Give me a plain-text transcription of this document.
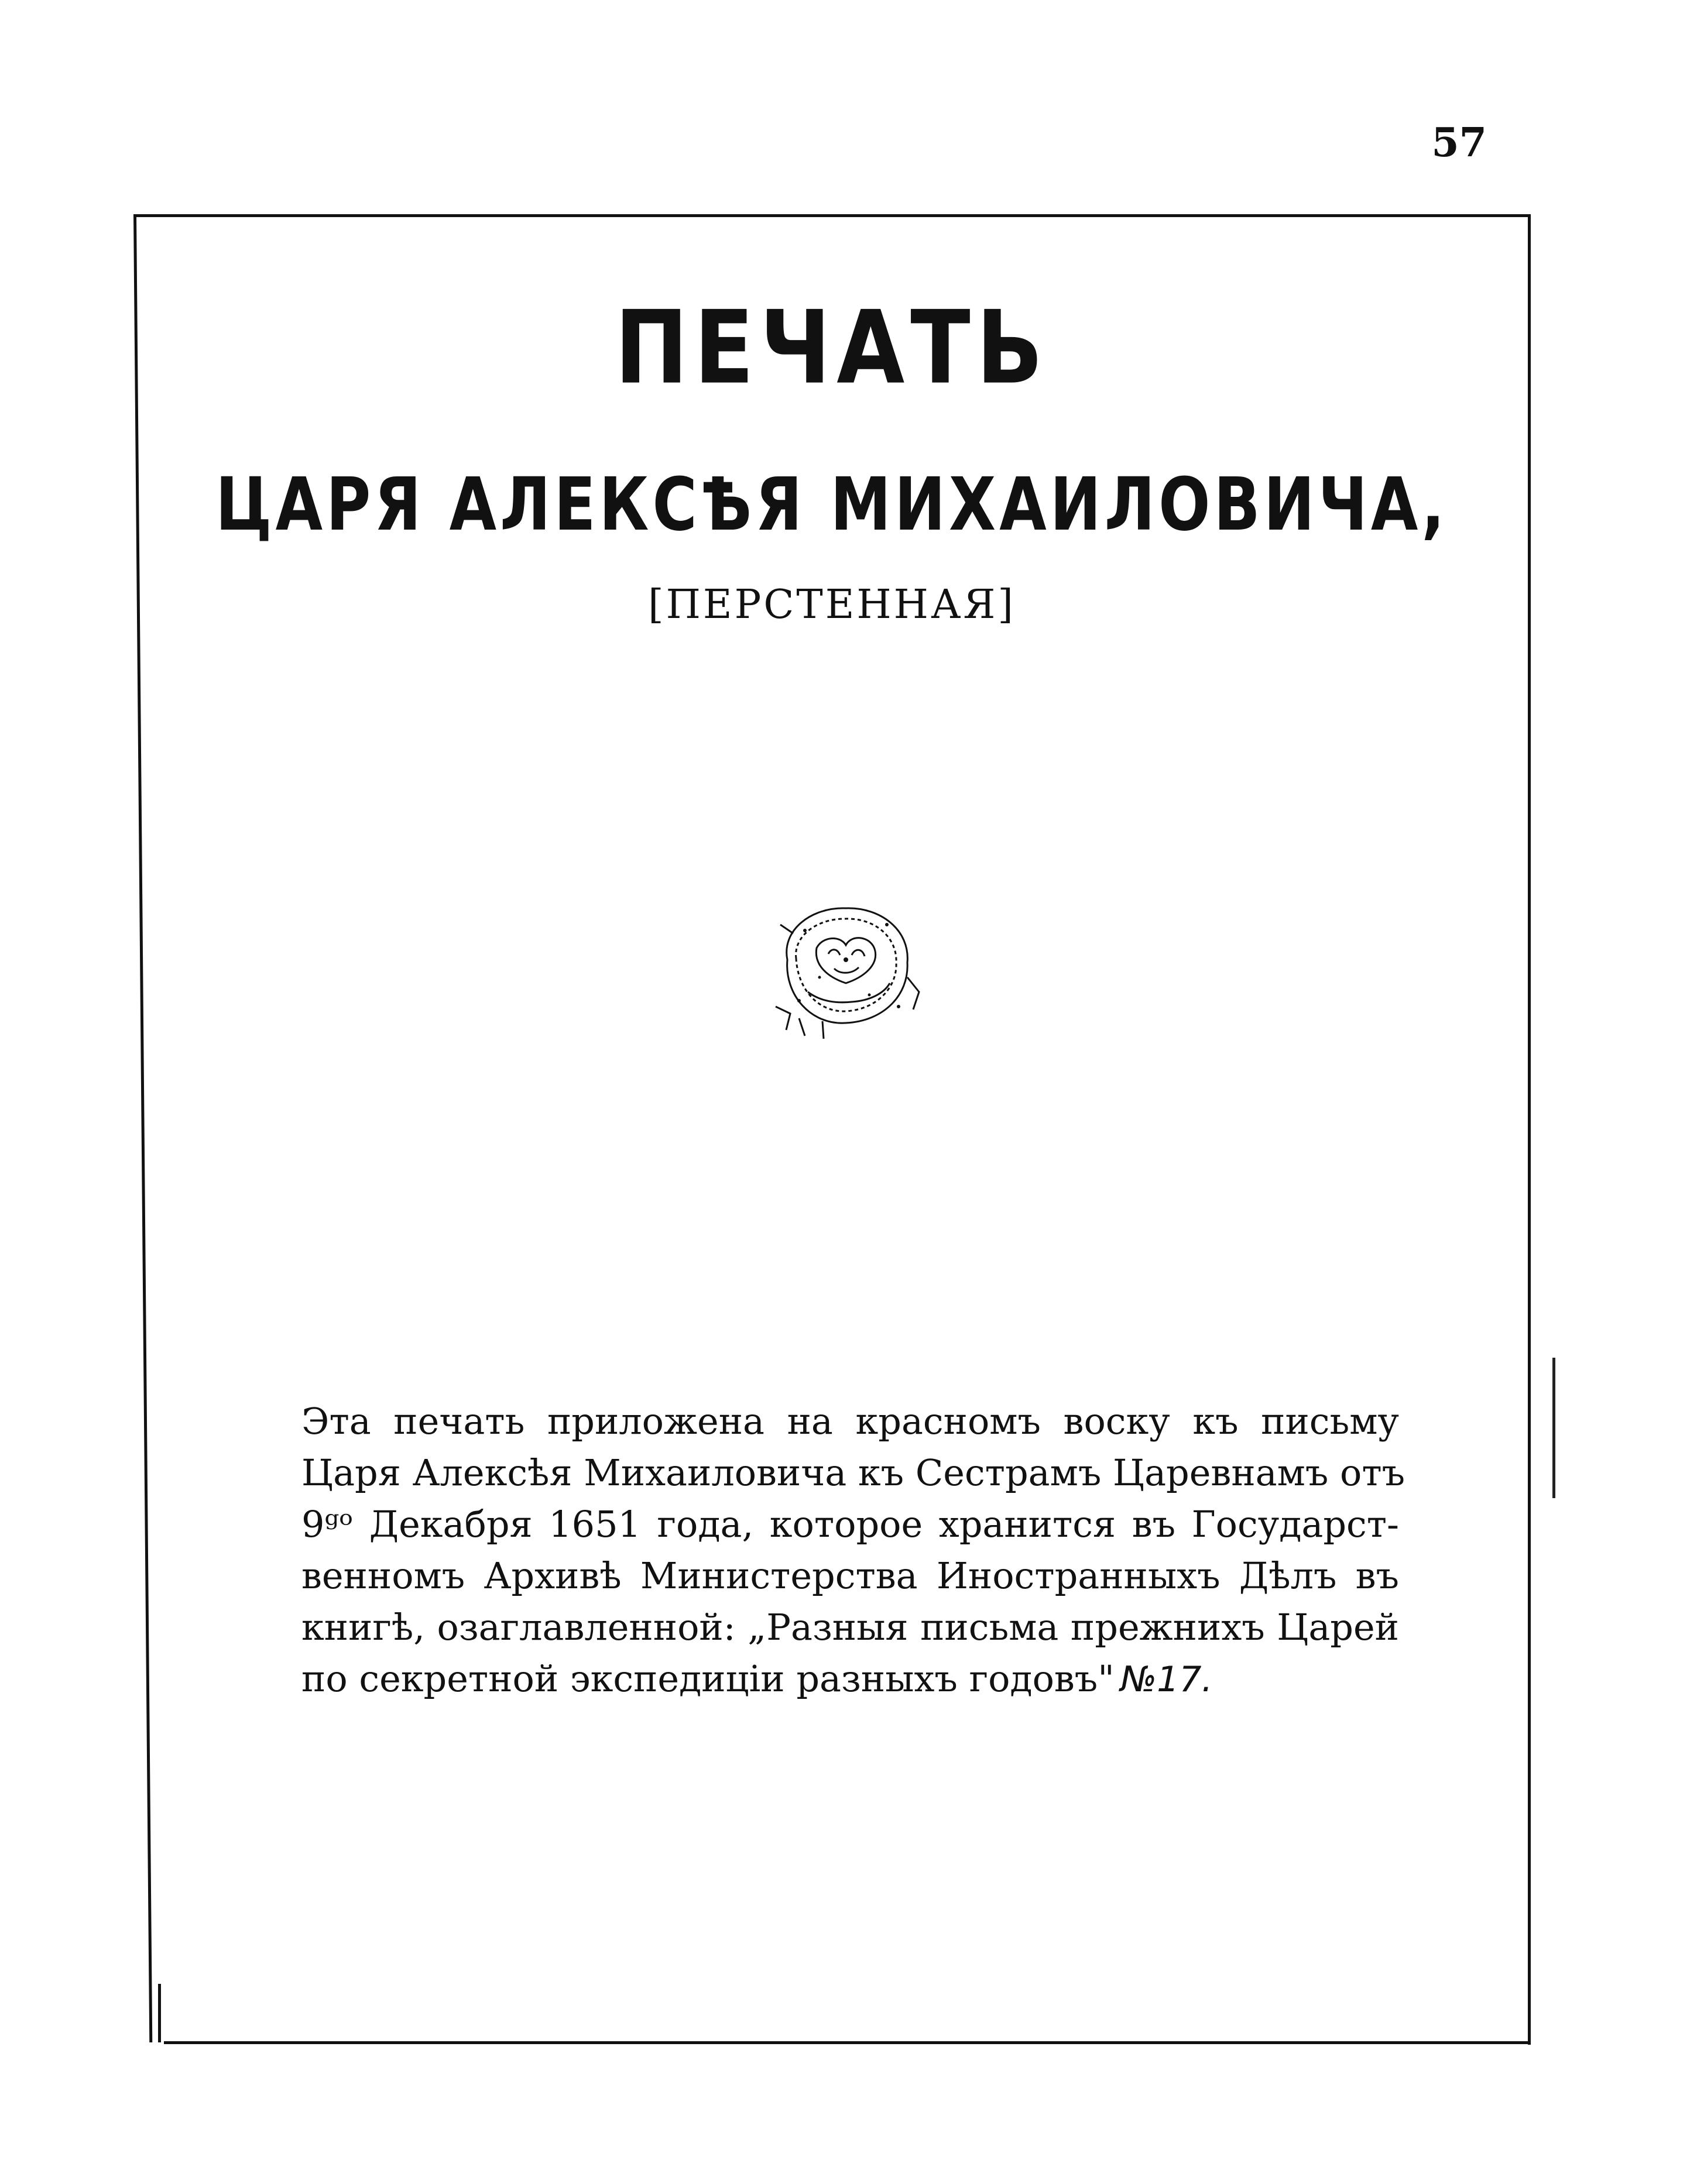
57
ПЕЧАТЬ
ЦАРЯ АЛЕКСѢЯ МИХАИЛОВИЧА,
[ПЕРСТЕННАЯ]
Эта печать приложена на красномъ воску къ письму
Царя Алексѣя Михаиловича къ Сестрамъ Царевнамъ отъ
9ᵍᵒ Декабря 1651 года, которое хранится въ Государст-
венномъ Архивѣ Министерства Иностранныхъ Дѣлъ въ
книгѣ, озаглавленной: „Разныя письма прежнихъ Царей
по секретной экспедиціи разныхъ годовъ" №17.
